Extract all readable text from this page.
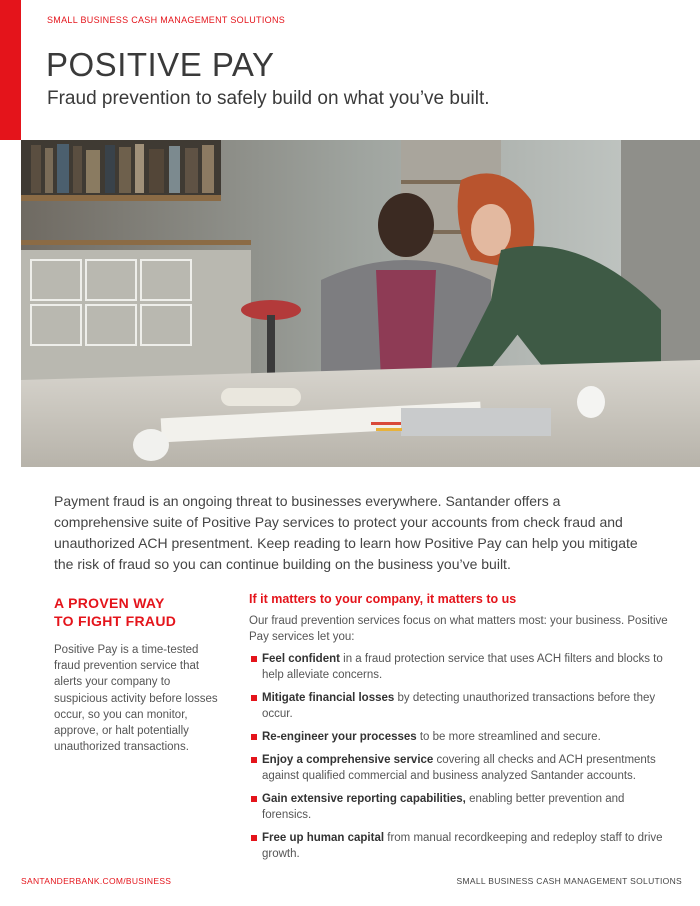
SMALL BUSINESS CASH MANAGEMENT SOLUTIONS
POSITIVE PAY
Fraud prevention to safely build on what you’ve built.

Payment fraud is an ongoing threat to businesses everywhere. Santander offers a comprehensive suite of Positive Pay services to protect your accounts from check fraud and unauthorized ACH presentment. Keep reading to learn how Positive Pay can help you mitigate the risk of fraud so you can continue building on the business you’ve built.

A PROVEN WAY
TO FIGHT FRAUD

Positive Pay is a time-tested fraud prevention service that alerts your company to suspicious activity before losses occur, so you can monitor, approve, or halt potentially unauthorized transactions.

If it matters to your company, it matters to us

Our fraud prevention services focus on what matters most: your business. Positive Pay services let you:

Feel confident in a fraud protection service that uses ACH filters and blocks to help alleviate concerns.
Mitigate financial losses by detecting unauthorized transactions before they occur.
Re-engineer your processes to be more streamlined and secure.
Enjoy a comprehensive service covering all checks and ACH presentments against qualified commercial and business analyzed Santander accounts.
Gain extensive reporting capabilities, enabling better prevention and forensics.
Free up human capital from manual recordkeeping and redeploy staff to drive growth.
SANTANDERBANK.COM/BUSINESS	SMALL BUSINESS CASH MANAGEMENT SOLUTIONS
